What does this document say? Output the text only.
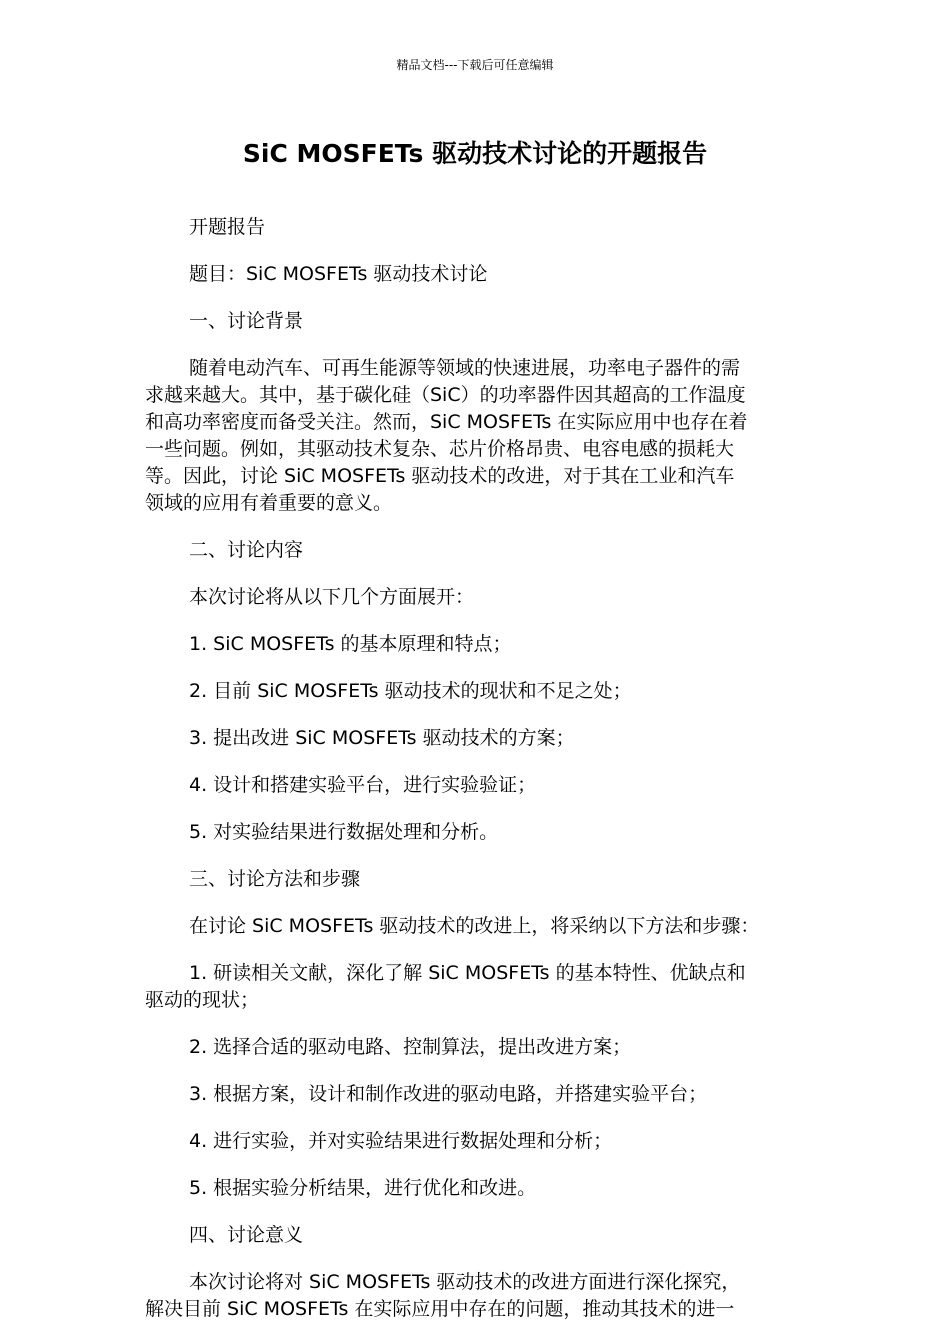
精品文档---下载后可任意编辑
SiC MOSFETs 驱动技术讨论的开题报告

开题报告

题目：SiC MOSFETs 驱动技术讨论

一、讨论背景

随着电动汽车、可再生能源等领域的快速进展，功率电子器件的需
求越来越大。其中，基于碳化硅（SiC）的功率器件因其超高的工作温度
和高功率密度而备受关注。然而，SiC MOSFETs 在实际应用中也存在着
一些问题。例如，其驱动技术复杂、芯片价格昂贵、电容电感的损耗大
等。因此，讨论 SiC MOSFETs 驱动技术的改进，对于其在工业和汽车
领域的应用有着重要的意义。

二、讨论内容

本次讨论将从以下几个方面展开：

1. SiC MOSFETs 的基本原理和特点；

2. 目前 SiC MOSFETs 驱动技术的现状和不足之处；

3. 提出改进 SiC MOSFETs 驱动技术的方案；

4. 设计和搭建实验平台，进行实验验证；

5. 对实验结果进行数据处理和分析。

三、讨论方法和步骤

在讨论 SiC MOSFETs 驱动技术的改进上，将采纳以下方法和步骤：

1. 研读相关文献，深化了解 SiC MOSFETs 的基本特性、优缺点和
驱动的现状；

2. 选择合适的驱动电路、控制算法，提出改进方案；

3. 根据方案，设计和制作改进的驱动电路，并搭建实验平台；

4. 进行实验，并对实验结果进行数据处理和分析；

5. 根据实验分析结果，进行优化和改进。

四、讨论意义

本次讨论将对 SiC MOSFETs 驱动技术的改进方面进行深化探究，
解决目前 SiC MOSFETs 在实际应用中存在的问题，推动其技术的进一
